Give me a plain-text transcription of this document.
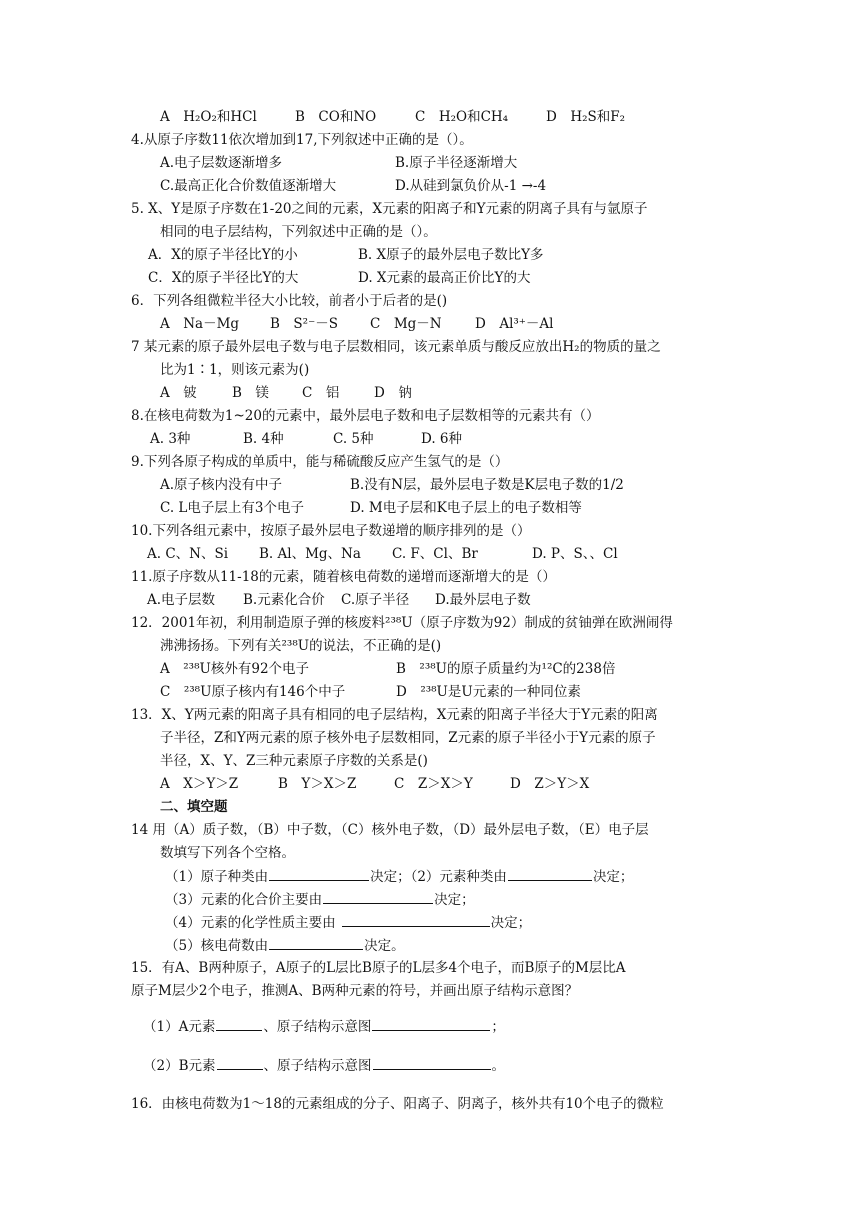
A　H₂O₂和HCl	B　CO和NO	C　H₂O和CH₄	D　H₂S和F₂
4.从原子序数11依次增加到17,下列叙述中正确的是（）。
A.电子层数逐渐增多	B.原子半径逐渐增大
C.最高正化合价数值逐渐增大	D.从硅到氯负价从-1 →-4
5. X、Y是原子序数在1-20之间的元素，X元素的阳离子和Y元素的阴离子具有与氩原子
相同的电子层结构，下列叙述中正确的是（）。
A．X的原子半径比Y的小	B. X原子的最外层电子数比Y多
C．X的原子半径比Y的大	D. X元素的最高正价比Y的大
6．下列各组微粒半径大小比较，前者小于后者的是()
A　Na－Mg B　S²⁻－S C　Mg－N D　Al³⁺－Al
7 某元素的原子最外层电子数与电子层数相同，该元素单质与酸反应放出H₂的物质的量之
比为1∶1，则该元素为()
A　铍	B　镁 C　铝	D　钠
8.在核电荷数为1~20的元素中，最外层电子数和电子层数相等的元素共有（）
A. 3种	B. 4种	C. 5种	D. 6种
9.下列各原子构成的单质中，能与稀硫酸反应产生氢气的是（）
A.原子核内没有中子	B.没有N层，最外层电子数是K层电子数的1/2
C. L电子层上有3个电子	D. M电子层和K电子层上的电子数相等
10.下列各组元素中，按原子最外层电子数递增的顺序排列的是（）
A. C、N、Si B. Al、Mg、Na C. F、Cl、Br	D. P、S、、Cl
11.原子序数从11-18的元素，随着核电荷数的递增而逐渐增大的是（）
A.电子层数 B.元素化合价 C.原子半径 D.最外层电子数
12．2001年初，利用制造原子弹的核废料²³⁸U（原子序数为92）制成的贫铀弹在欧洲闹得
沸沸扬扬。下列有关²³⁸U的说法，不正确的是()
A　²³⁸U核外有92个电子	B　²³⁸U的原子质量约为¹²C的238倍
C　²³⁸U原子核内有146个中子	D　²³⁸U是U元素的一种同位素
13．X、Y两元素的阳离子具有相同的电子层结构，X元素的阳离子半径大于Y元素的阳离
子半径，Z和Y两元素的原子核外电子层数相同，Z元素的原子半径小于Y元素的原子
半径，X、Y、Z三种元素原子序数的关系是()
A　X＞Y＞Z	B　Y＞X＞Z	C　Z＞X＞Y	D　Z＞Y＞X
二、填空题
14 用（A）质子数，（B）中子数，（C）核外电子数，（D）最外层电子数，（E）电子层
数填写下列各个空格。
（1）原子种类由	决定；（2）元素种类由	决定；
（3）元素的化合价主要由	决定；
（4）元素的化学性质主要由	决定；
（5）核电荷数由	决定。
15．有A、B两种原子，A原子的L层比B原子的L层多4个电子，而B原子的M层比A
原子M层少2个电子，推测A、B两种元素的符号，并画出原子结构示意图？
（1）A元素	、原子结构示意图	；
（2）B元素	、原子结构示意图	。
16．由核电荷数为1～18的元素组成的分子、阳离子、阴离子，核外共有10个电子的微粒
